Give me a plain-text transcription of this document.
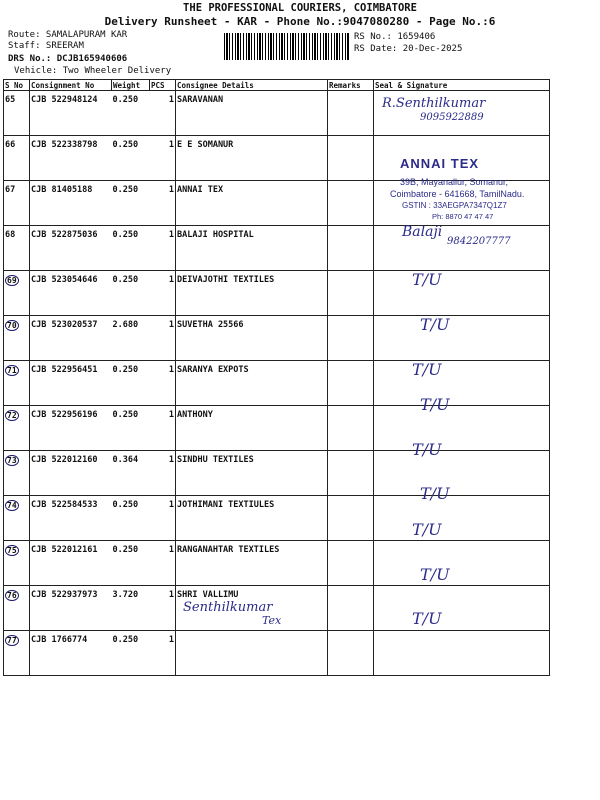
THE PROFESSIONAL COURIERS, COIMBATORE
Delivery Runsheet - KAR - Phone No.:9047080280 - Page No.:6
Route: SAMALAPURAM KAR
Staff: SREERAM
DRS No.: DCJB165940606
Vehicle: Two Wheeler Delivery
RS No.: 1659406
RS Date: 20-Dec-2025
S No	Consignment No	Weight	PCS	Consignee Details	Remarks	Seal & Signature
65	CJB 522948124	0.250	1	SARAVANAN		
66	CJB 522338798	0.250	1	E E SOMANUR		
67	CJB 81405188	0.250	1	ANNAI TEX		
68	CJB 522875036	0.250	1	BALAJI HOSPITAL		
69	CJB 523054646	0.250	1	DEIVAJOTHI TEXTILES		
70	CJB 523020537	2.680	1	SUVETHA 25566		
71	CJB 522956451	0.250	1	SARANYA EXPOTS		
72	CJB 522956196	0.250	1	ANTHONY		
73	CJB 522012160	0.364	1	SINDHU TEXTILES		
74	CJB 522584533	0.250	1	JOTHIMANI TEXTIULES		
75	CJB 522012161	0.250	1	RANGANAHTAR TEXTILES		
76	CJB 522937973	3.720	1	SHRI VALLIMU		
77	CJB 1766774	0.250	1			
R.Senthilkumar
9095922889
Balaji
9842207777
Senthilkumar
Tex
T/U
T/U
T/U
T/U
T/U
T/U
T/U
T/U
T/U
ANNAI TEX
39B, Mayanallur, Somanur,
Coimbatore - 641668, TamilNadu.
GSTIN : 33AEGPA7347Q1Z7
Ph: 8870 47 47 47
